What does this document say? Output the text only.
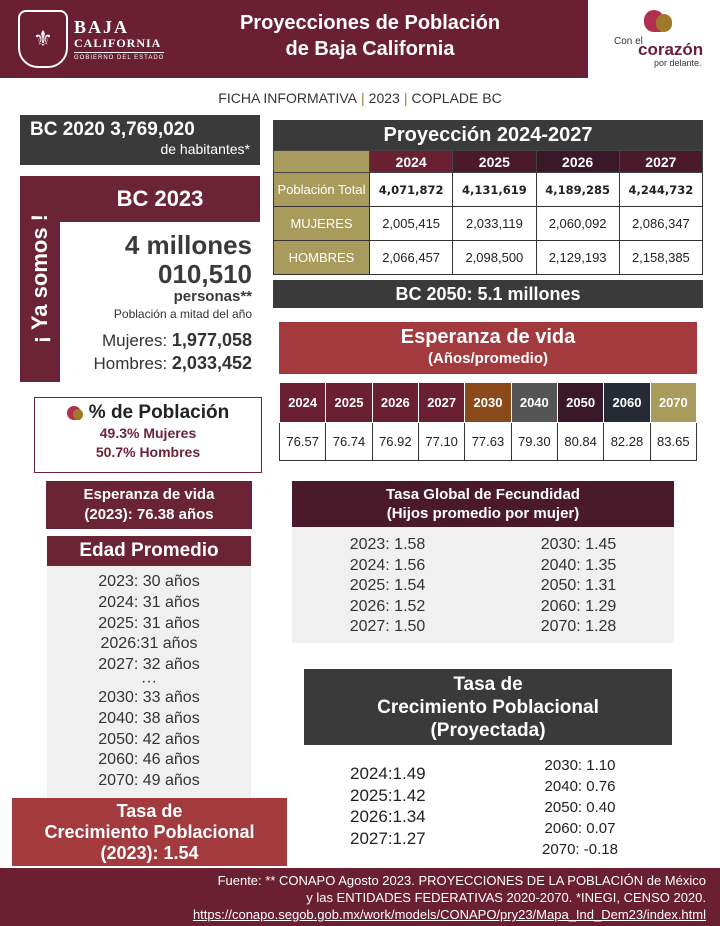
⚜	BAJA
CALIFORNIA
GOBIERNO DEL ESTADO
Proyecciones de Población
de Baja California	Con el
corazón
por delante.
FICHA INFORMATIVA | 2023 | COPLADE BC
BC 2020 3,769,020
de habitantes*
¡ Ya somos !
BC 2023
4 millones
010,510
personas**
Población a mitad del año
Mujeres: 1,977,058
Hombres: 2,033,452
% de Población
49.3% Mujeres
50.7% Hombres
Esperanza de vida
(2023): 76.38 años
Edad Promedio
2023: 30 años
2024: 31 años
2025: 31 años
2026:31 años
2027: 32 años
···
2030: 33 años
2040: 38 años
2050: 42 años
2060: 46 años
2070: 49 años
Tasa de
Crecimiento Poblacional
(2023): 1.54
Proyección 2024-2027
	2024	2025	2026	2027
Población Total	4,071,872	4,131,619	4,189,285	4,244,732
MUJERES	2,005,415	2,033,119	2,060,092	2,086,347
HOMBRES	2,066,457	2,098,500	2,129,193	2,158,385
BC 2050: 5.1 millones
Esperanza de vida
(Años/promedio)
2024	2025	2026	2027	2030	2040	2050	2060	2070
76.57	76.74	76.92	77.10	77.63	79.30	80.84	82.28	83.65
Tasa Global de Fecundidad
(Hijos promedio por mujer)
2023: 1.58
2024: 1.56
2025: 1.54
2026: 1.52
2027: 1.50
2030: 1.45
2040: 1.35
2050: 1.31
2060: 1.29
2070: 1.28
Tasa de
Crecimiento Poblacional
(Proyectada)
2024:1.49
2025:1.42
2026:1.34
2027:1.27
2030: 1.10
2040: 0.76
2050: 0.40
2060: 0.07
2070: -0.18
Fuente: ** CONAPO Agosto 2023. PROYECCIONES DE LA POBLACIÓN de México
y las ENTIDADES FEDERATIVAS 2020-2070. *INEGI, CENSO 2020.
https://conapo.segob.gob.mx/work/models/CONAPO/pry23/Mapa_Ind_Dem23/index.html
